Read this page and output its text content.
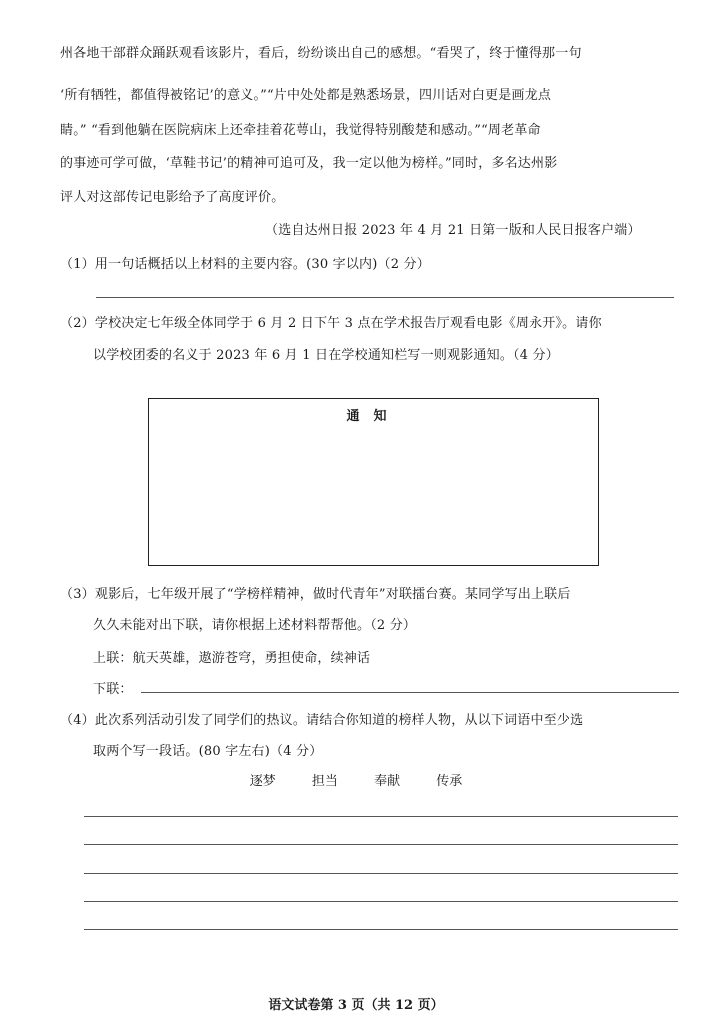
州各地干部群众踊跃观看该影片，看后，纷纷谈出自己的感想。“看哭了，终于懂得那一句
‘所有牺牲，都值得被铭记’的意义。”“片中处处都是熟悉场景，四川话对白更是画龙点
睛。” “看到他躺在医院病床上还牵挂着花萼山，我觉得特别酸楚和感动。”“周老革命
的事迹可学可做，‘草鞋书记’的精神可追可及，我一定以他为榜样。”同时，多名达州影
评人对这部传记电影给予了高度评价。
（选自达州日报 2023 年 4 月 21 日第一版和人民日报客户端）
（1）用一句话概括以上材料的主要内容。(30 字以内)（2 分）
（2）学校决定七年级全体同学于 6 月 2 日下午 3 点在学术报告厅观看电影《周永开》。请你
以学校团委的名义于 2023 年 6 月 1 日在学校通知栏写一则观影通知。（4 分）
通知
（3）观影后，七年级开展了“学榜样精神，做时代青年”对联擂台赛。某同学写出上联后
久久未能对出下联，请你根据上述材料帮帮他。（2 分）
上联：航天英雄，遨游苍穹，勇担使命，续神话
下联：
（4）此次系列活动引发了同学们的热议。请结合你知道的榜样人物，从以下词语中至少选
取两个写一段话。(80 字左右)（4 分）
逐梦	担当	奉献	传承
语文试卷第 3 页（共 12 页）
